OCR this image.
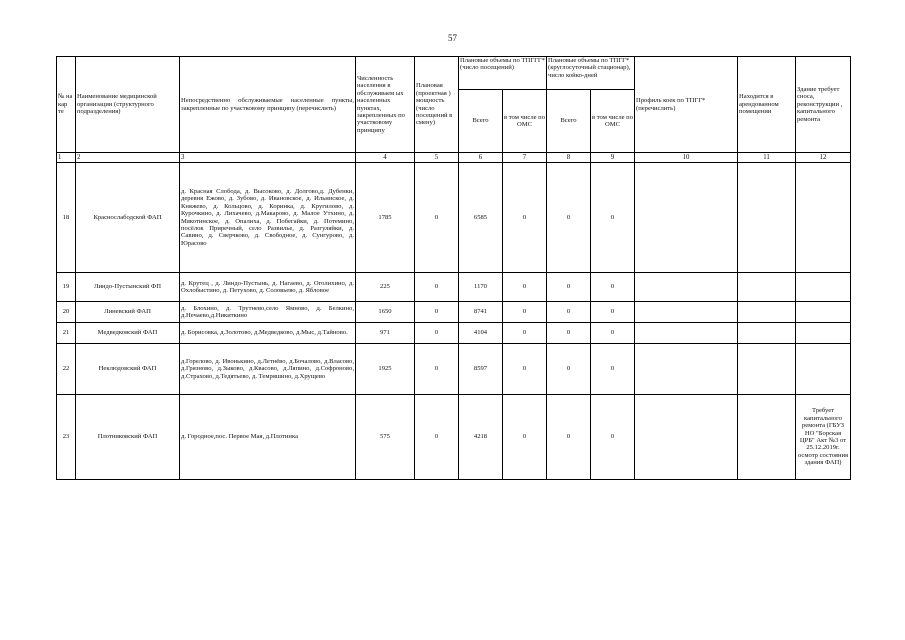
57
№ на кар те	Наименование медицинской организации (структурного подразделения)	Непосредственно обслуживаемые населенные пункты, закрепленные по участковому принципу (перечислить)	Численность населения в обслуживаем ых населенных пунктах, закрепленных по участковому принципу	Плановая (проектная ) мощность (число посещений в смену)	Плановые объемы по ТПГГГ* (число посещений)		Плановые объемы по ТПГГ* (круглосуточный стационар), число койко-дней		Профиль коек по ТПГГ* (перечислить)	Находится в арендованном помещении	Здание требует сноса, реконструкции , капитального ремонта
					Всего	в том числе по ОМС	Всего	в том числе по ОМС			
1	2	3	4	5	6	7	8	9	10	11	12
18	Краснослабодской ФАП	д. Красная Слобода, д. Высоково, д. Долгово,д. Дубенки, деревня Ежово, д. Зубово, д. Ивановское, д. Ильинское, д. Княжево, д. Кольцово, д. Коринка, д. Кругилово, д. Курочкино, д. Лихачево, д.Макарово, д. Малое Утхино, д. Мякотинское, д. Опалиха, д. Побегайки, д. Потемино, посёлок Приречный, село Развилье, д. Разгуляйки, д. Савино, д. Сверчково, д. Свободное, д. Сунгурово, д. Юрасово	1785	0	6585	0	0	0			
19	Линдо-Пустынский ФП	д. Крутец , д. Линдо-Пустынь, д. Нагаево, д. Оголихино, д. Охлобыстино, д. Петухово, д. Соловьево, д. Ябловое	225	0	1170	0	0	0			
20	Линевский ФАП	д. Блохино, д. Трутнево,село Ямново, д. Белкино, д.Нечаево,д.Никиткино	1650	0	8741	0	0	0			
21	Медведковский ФАП	д. Борисовка, д.Золотово, д.Медведково, д.Мыс, д.Тайново.	971	0	4104	0	0	0			
22	Неклюдовский ФАП	д.Горелово, д. Ивонькино, д.Летнёво, д.Бочалово, д.Власово, д.Грязново, д.Зыково, д.Квасово, д.Ляпино, д.Софроново, д.Страхово, д.Тедятьево, д. Темряшино, д.Хрущево	1925	0	8597	0	0	0			
23	Плотниковский ФАП	д. Городное,пос. Первое Мая, д.Плотинка	575	0	4218	0	0	0			Требует капитального ремонта (ГБУЗ НО "Борская ЦРБ" Акт №3 от 25.12.2019г. осмотр состояния здания ФАП)
